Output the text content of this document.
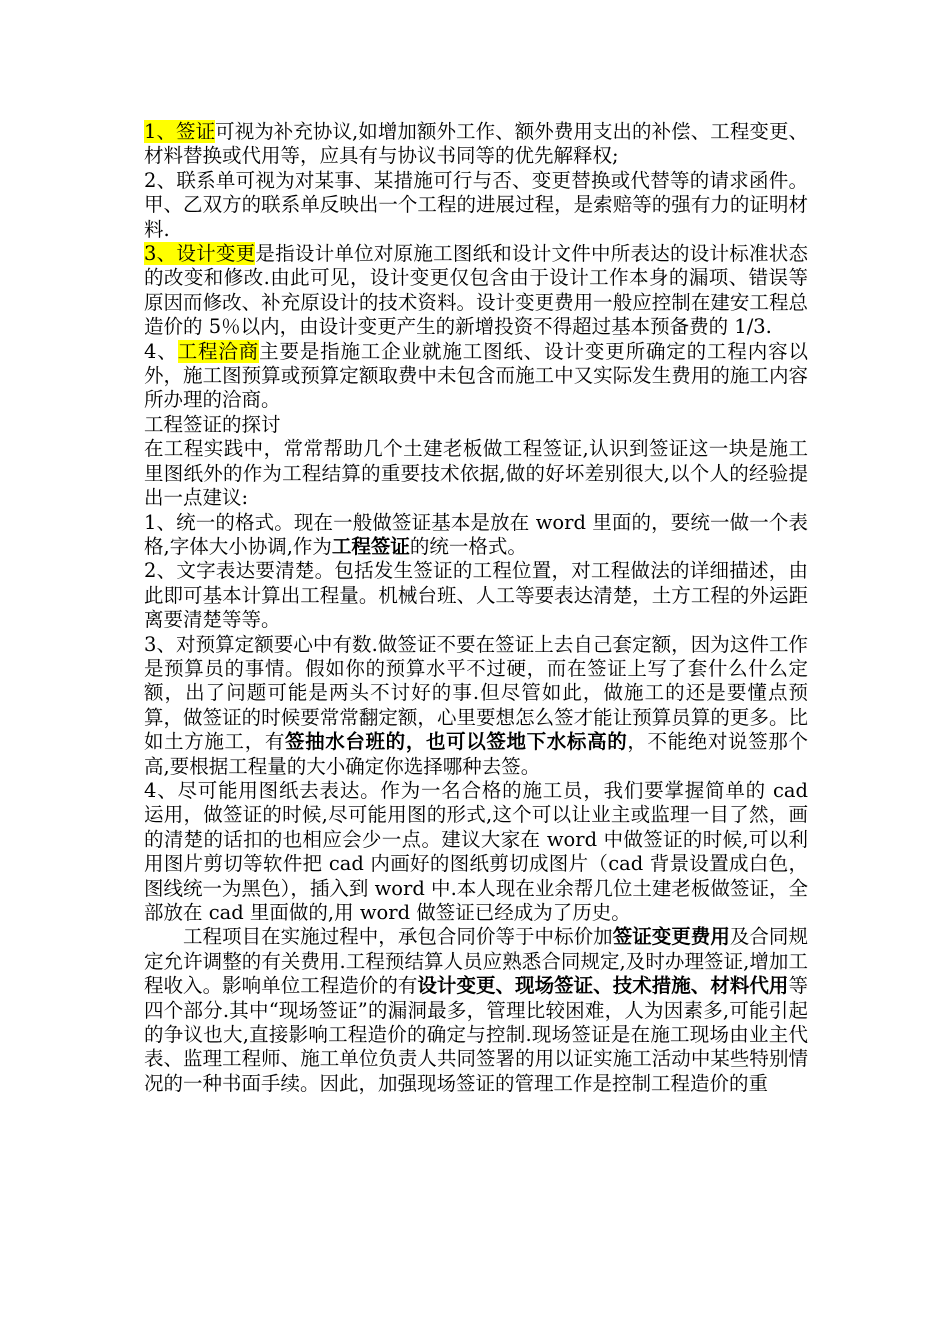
1、签证可视为补充协议,如增加额外工作、额外费用支出的补偿、工程变更、材料替换或代用等，应具有与协议书同等的优先解释权;

2、联系单可视为对某事、某措施可行与否、变更替换或代替等的请求函件。甲、乙双方的联系单反映出一个工程的进展过程，是索赔等的强有力的证明材料.

3、设计变更是指设计单位对原施工图纸和设计文件中所表达的设计标准状态的改变和修改.由此可见，设计变更仅包含由于设计工作本身的漏项、错误等原因而修改、补充原设计的技术资料。设计变更费用一般应控制在建安工程总造价的 5％以内，由设计变更产生的新增投资不得超过基本预备费的 1/3.

4、工程洽商主要是指施工企业就施工图纸、设计变更所确定的工程内容以外，施工图预算或预算定额取费中未包含而施工中又实际发生费用的施工内容所办理的洽商。

工程签证的探讨

在工程实践中，常常帮助几个土建老板做工程签证,认识到签证这一块是施工里图纸外的作为工程结算的重要技术依据,做的好坏差别很大,以个人的经验提出一点建议:

1、统一的格式。现在一般做签证基本是放在 word 里面的，要统一做一个表格,字体大小协调,作为工程签证的统一格式。

2、文字表达要清楚。包括发生签证的工程位置，对工程做法的详细描述，由此即可基本计算出工程量。机械台班、人工等要表达清楚，土方工程的外运距离要清楚等等。

3、对预算定额要心中有数.做签证不要在签证上去自己套定额，因为这件工作是预算员的事情。假如你的预算水平不过硬，而在签证上写了套什么什么定额，出了问题可能是两头不讨好的事.但尽管如此，做施工的还是要懂点预算，做签证的时候要常常翻定额，心里要想怎么签才能让预算员算的更多。比如土方施工，有签抽水台班的，也可以签地下水标高的，不能绝对说签那个高,要根据工程量的大小确定你选择哪种去签。

4、尽可能用图纸去表达。作为一名合格的施工员，我们要掌握简单的 cad 运用，做签证的时候,尽可能用图的形式,这个可以让业主或监理一目了然，画的清楚的话扣的也相应会少一点。建议大家在 word 中做签证的时候,可以利用图片剪切等软件把 cad 内画好的图纸剪切成图片（cad 背景设置成白色，图线统一为黑色），插入到 word 中.本人现在业余帮几位土建老板做签证，全部放在 cad 里面做的,用 word 做签证已经成为了历史。

工程项目在实施过程中，承包合同价等于中标价加签证变更费用及合同规定允许调整的有关费用.工程预结算人员应熟悉合同规定,及时办理签证,增加工程收入。影响单位工程造价的有设计变更、现场签证、技术措施、材料代用等四个部分.其中“现场签证”的漏洞最多，管理比较困难，人为因素多,可能引起的争议也大,直接影响工程造价的确定与控制.现场签证是在施工现场由业主代表、监理工程师、施工单位负责人共同签署的用以证实施工活动中某些特别情况的一种书面手续。因此，加强现场签证的管理工作是控制工程造价的重
